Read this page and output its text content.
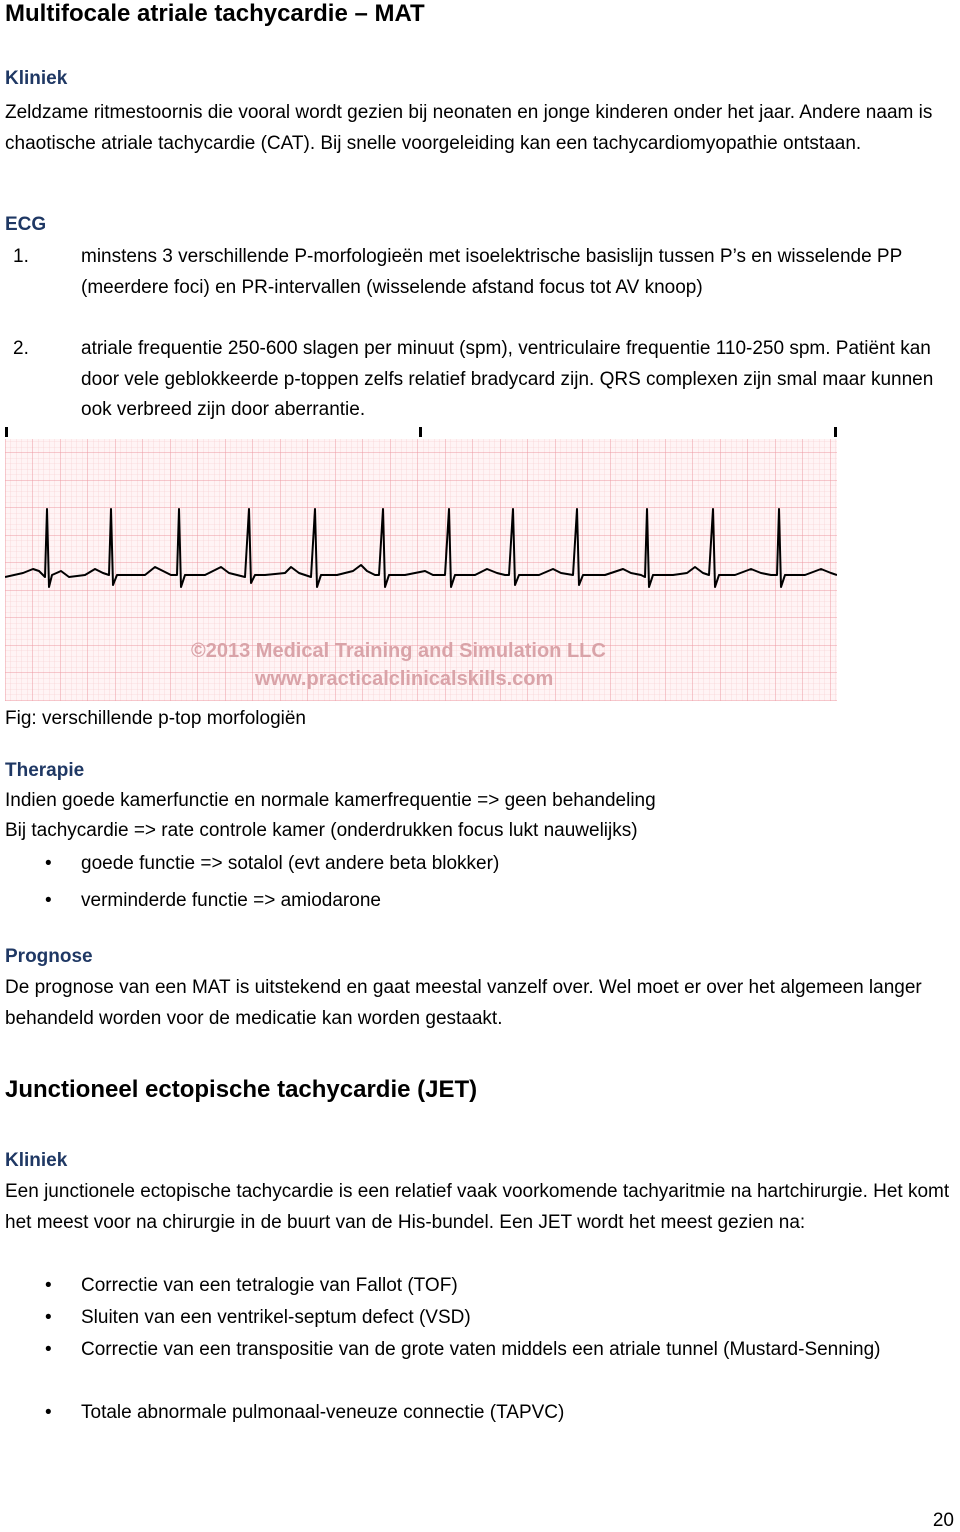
Multifocale atriale tachycardie – MAT
Kliniek
Zeldzame ritmestoornis die vooral wordt gezien bij neonaten en jonge kinderen onder het jaar. Andere naam is chaotische atriale tachycardie (CAT). Bij snelle voorgeleiding kan een tachycardiomyopathie ontstaan.
ECG
1.	minstens 3 verschillende P-morfologieën met isoelektrische basislijn tussen P’s en wisselende PP (meerdere foci) en PR-intervallen (wisselende afstand focus tot AV knoop)
2.	atriale frequentie 250-600 slagen per minuut (spm), ventriculaire frequentie 110-250 spm. Patiënt kan door vele geblokkeerde p-toppen zelfs relatief bradycard zijn. QRS complexen zijn smal maar kunnen ook verbreed zijn door aberrantie.
©2013 Medical Training and Simulation LLC
www.practicalclinicalskills.com
Fig: verschillende p-top morfologiën
Therapie
Indien goede kamerfunctie en normale kamerfrequentie => geen behandeling
Bij tachycardie => rate controle kamer (onderdrukken focus lukt nauwelijks)
• goede functie => sotalol (evt andere beta blokker)
• verminderde functie => amiodarone
Prognose
De prognose van een MAT is uitstekend en gaat meestal vanzelf over. Wel moet er over het algemeen langer behandeld worden voor de medicatie kan worden gestaakt.
Junctioneel ectopische tachycardie (JET)
Kliniek
Een junctionele ectopische tachycardie is een relatief vaak voorkomende tachyaritmie na hartchirurgie. Het komt het meest voor na chirurgie in de buurt van de His-bundel. Een JET wordt het meest gezien na:
• Correctie van een tetralogie van Fallot (TOF)
• Sluiten van een ventrikel-septum defect (VSD)
• Correctie van een transpositie van de grote vaten middels een atriale tunnel (Mustard-Senning)
• Totale abnormale pulmonaal-veneuze connectie (TAPVC)
20
